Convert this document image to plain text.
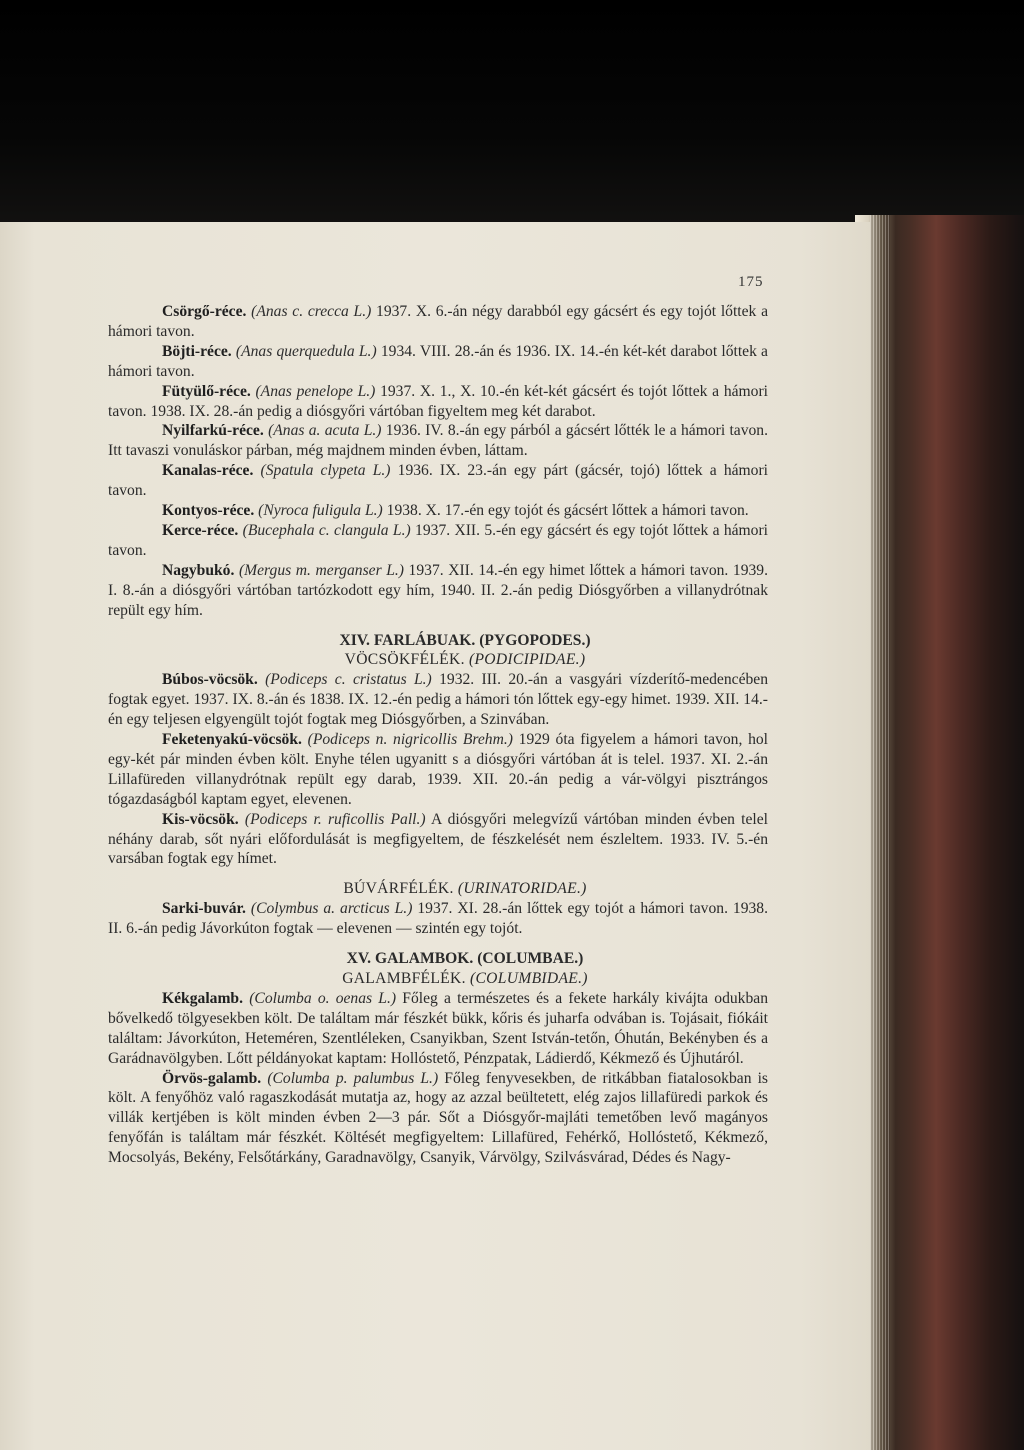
175

Csörgő-réce. (Anas c. crecca L.) 1937. X. 6.-án négy darabból egy gácsért és egy tojót lőttek a hámori tavon.

Böjti-réce. (Anas querquedula L.) 1934. VIII. 28.-án és 1936. IX. 14.-én két-két darabot lőttek a hámori tavon.

Fütyülő-réce. (Anas penelope L.) 1937. X. 1., X. 10.-én két-két gácsért és tojót lőttek a hámori tavon. 1938. IX. 28.-án pedig a diósgyőri vártóban figyeltem meg két darabot.

Nyilfarkú-réce. (Anas a. acuta L.) 1936. IV. 8.-án egy párból a gácsért lőtték le a hámori tavon. Itt tavaszi vonuláskor párban, még majdnem minden évben, láttam.

Kanalas-réce. (Spatula clypeta L.) 1936. IX. 23.-án egy párt (gácsér, tojó) lőttek a hámori tavon.

Kontyos-réce. (Nyroca fuligula L.) 1938. X. 17.-én egy tojót és gácsért lőttek a hámori tavon.

Kerce-réce. (Bucephala c. clangula L.) 1937. XII. 5.-én egy gácsért és egy tojót lőttek a hámori tavon.

Nagybukó. (Mergus m. merganser L.) 1937. XII. 14.-én egy himet lőttek a hámori tavon. 1939. I. 8.-án a diósgyőri vártóban tartózkodott egy hím, 1940. II. 2.-án pedig Diósgyőrben a villanydrótnak repült egy hím.

XIV. FARLÁBUAK. (PYGOPODES.)

VÖCSÖKFÉLÉK. (PODICIPIDAE.)

Búbos-vöcsök. (Podiceps c. cristatus L.) 1932. III. 20.-án a vasgyári vízderítő-medencében fogtak egyet. 1937. IX. 8.-án és 1838. IX. 12.-én pedig a hámori tón lőttek egy-egy himet. 1939. XII. 14.-én egy teljesen elgyengült tojót fogtak meg Diósgyőrben, a Szinvában.

Feketenyakú-vöcsök. (Podiceps n. nigricollis Brehm.) 1929 óta figyelem a hámori tavon, hol egy-két pár minden évben költ. Enyhe télen ugyanitt s a diósgyőri vártóban át is telel. 1937. XI. 2.-án Lillafüreden villanydrótnak repült egy darab, 1939. XII. 20.-án pedig a vár-völgyi pisztrángos tógazdaságból kaptam egyet, elevenen.

Kis-vöcsök. (Podiceps r. ruficollis Pall.) A diósgyőri melegvízű vártóban minden évben telel néhány darab, sőt nyári előfordulását is megfigyeltem, de fészkelését nem észleltem. 1933. IV. 5.-én varsában fogtak egy hímet.

BÚVÁRFÉLÉK. (URINATORIDAE.)

Sarki-buvár. (Colymbus a. arcticus L.) 1937. XI. 28.-án lőttek egy tojót a hámori tavon. 1938. II. 6.-án pedig Jávorkúton fogtak — elevenen — szintén egy tojót.

XV. GALAMBOK. (COLUMBAE.)

GALAMBFÉLÉK. (COLUMBIDAE.)

Kékgalamb. (Columba o. oenas L.) Főleg a természetes és a fekete harkály kivájta odukban bővelkedő tölgyesekben költ. De találtam már fészkét bükk, kőris és juharfa odvában is. Tojásait, fiókáit találtam: Jávorkúton, Heteméren, Szentléleken, Csanyikban, Szent István-tetőn, Óhután, Bekényben és a Garádnavölgyben. Lőtt példányokat kaptam: Hollóstető, Pénzpatak, Ládierdő, Kékmező és Újhutáról.

Örvös-galamb. (Columba p. palumbus L.) Főleg fenyvesekben, de ritkábban fiatalosokban is költ. A fenyőhöz való ragaszkodását mutatja az, hogy az azzal beültetett, elég zajos lillafüredi parkok és villák kertjében is költ minden évben 2—3 pár. Sőt a Diósgyőr-majláti temetőben levő magányos fenyőfán is találtam már fészkét. Költését megfigyeltem: Lillafüred, Fehérkő, Hollóstető, Kékmező, Mocsolyás, Bekény, Felsőtárkány, Garadnavölgy, Csanyik, Várvölgy, Szilvásvárad, Dédes és Nagy-
